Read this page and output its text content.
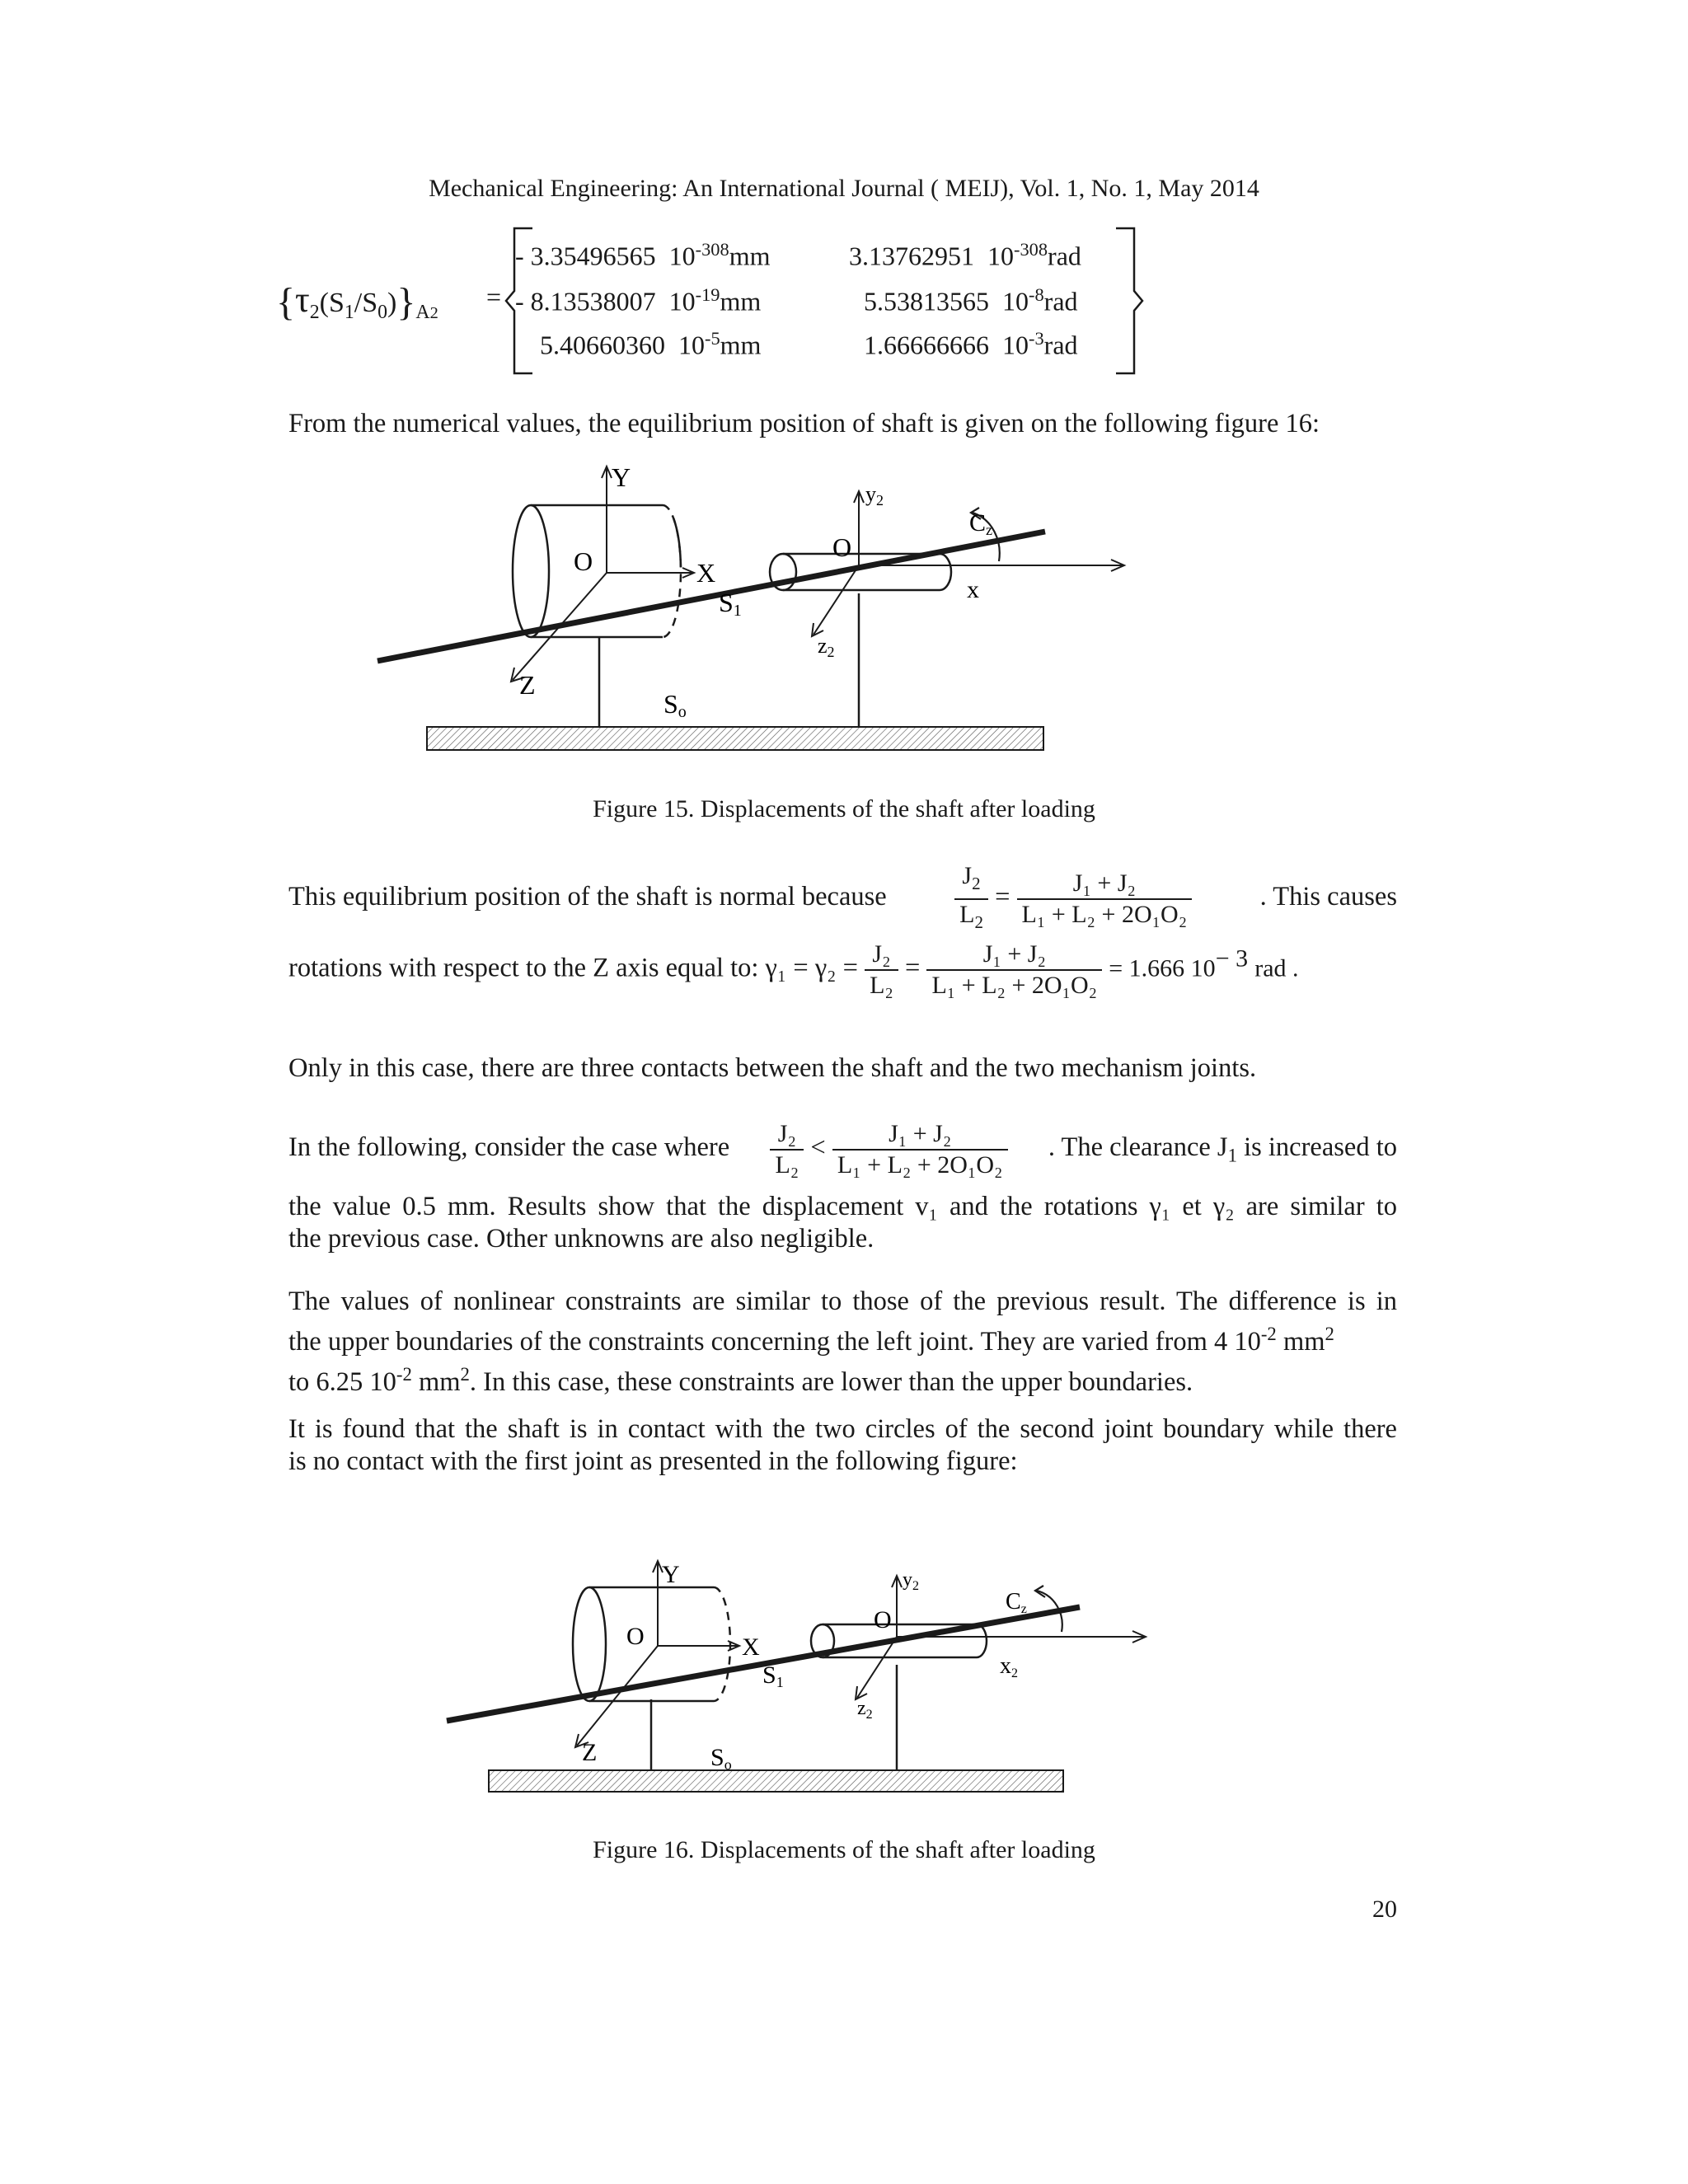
Mechanical Engineering: An International Journal ( MEIJ), Vol. 1, No. 1, May 2014
$\{\tau_2(S_1/S_0)\}_{A2}$
=
- 3.35496565 $10^{-308}mm$	3.13762951 $10^{-308}rad$
- 8.13538007 $10^{-19}mm$	5.53813565 $10^{-8}rad$
5.40660360 $10^{-5}mm$	1.66666666 $10^{-3}rad$
From the numerical values, the equilibrium position of shaft is given on the following figure 16:
Y
O	X
S1
Z
So
y2
O
Cz
x
z2
Figure 15. Displacements of the shaft after loading
This equilibrium position of the shaft is normal because	$\frac{J_2}{L_2} = \frac{\text{J₁ + J₂}}{\text{L₁ + L₂ + 2O₁O₂}}$	. This causes
rotations with respect to the Z axis equal to: $\gamma_1 = \gamma_2 = \frac{\text{J₂}}{\text{L₂}} = \frac{\text{J₁ + J₂}}{\text{L₁ + L₂ + 2O₁O₂}} = 1.666$ $10^{- 3}$ rad .
Only in this case, there are three contacts between the shaft and the two mechanism joints.
In the following, consider the case where $\frac{\text{J₂}}{\text{L₂}} < \frac{\text{J₁ + J₂}}{\text{L₁ + L₂ + 2O₁O₂}}$ . The clearance $J_1$ is increased to
the value 0.5 mm. Results show that the displacement v₁ and the rotations γ₁ et γ₂ are similar to
the previous case. Other unknowns are also negligible.
The values of nonlinear constraints are similar to those of the previous result. The difference is in
the upper boundaries of the constraints concerning the left joint. They are varied from 4 $10^{-2}$ $mm^2$
to 6.25 $10^{-2}$ $mm^2$. In this case, these constraints are lower than the upper boundaries.
It is found that the shaft is in contact with the two circles of the second joint boundary while there
is no contact with the first joint as presented in the following figure:
Y
O	X
S1
Z	So
$y_2$
O
Cz
x2
$z_2$
Figure 16. Displacements of the shaft after loading
20
